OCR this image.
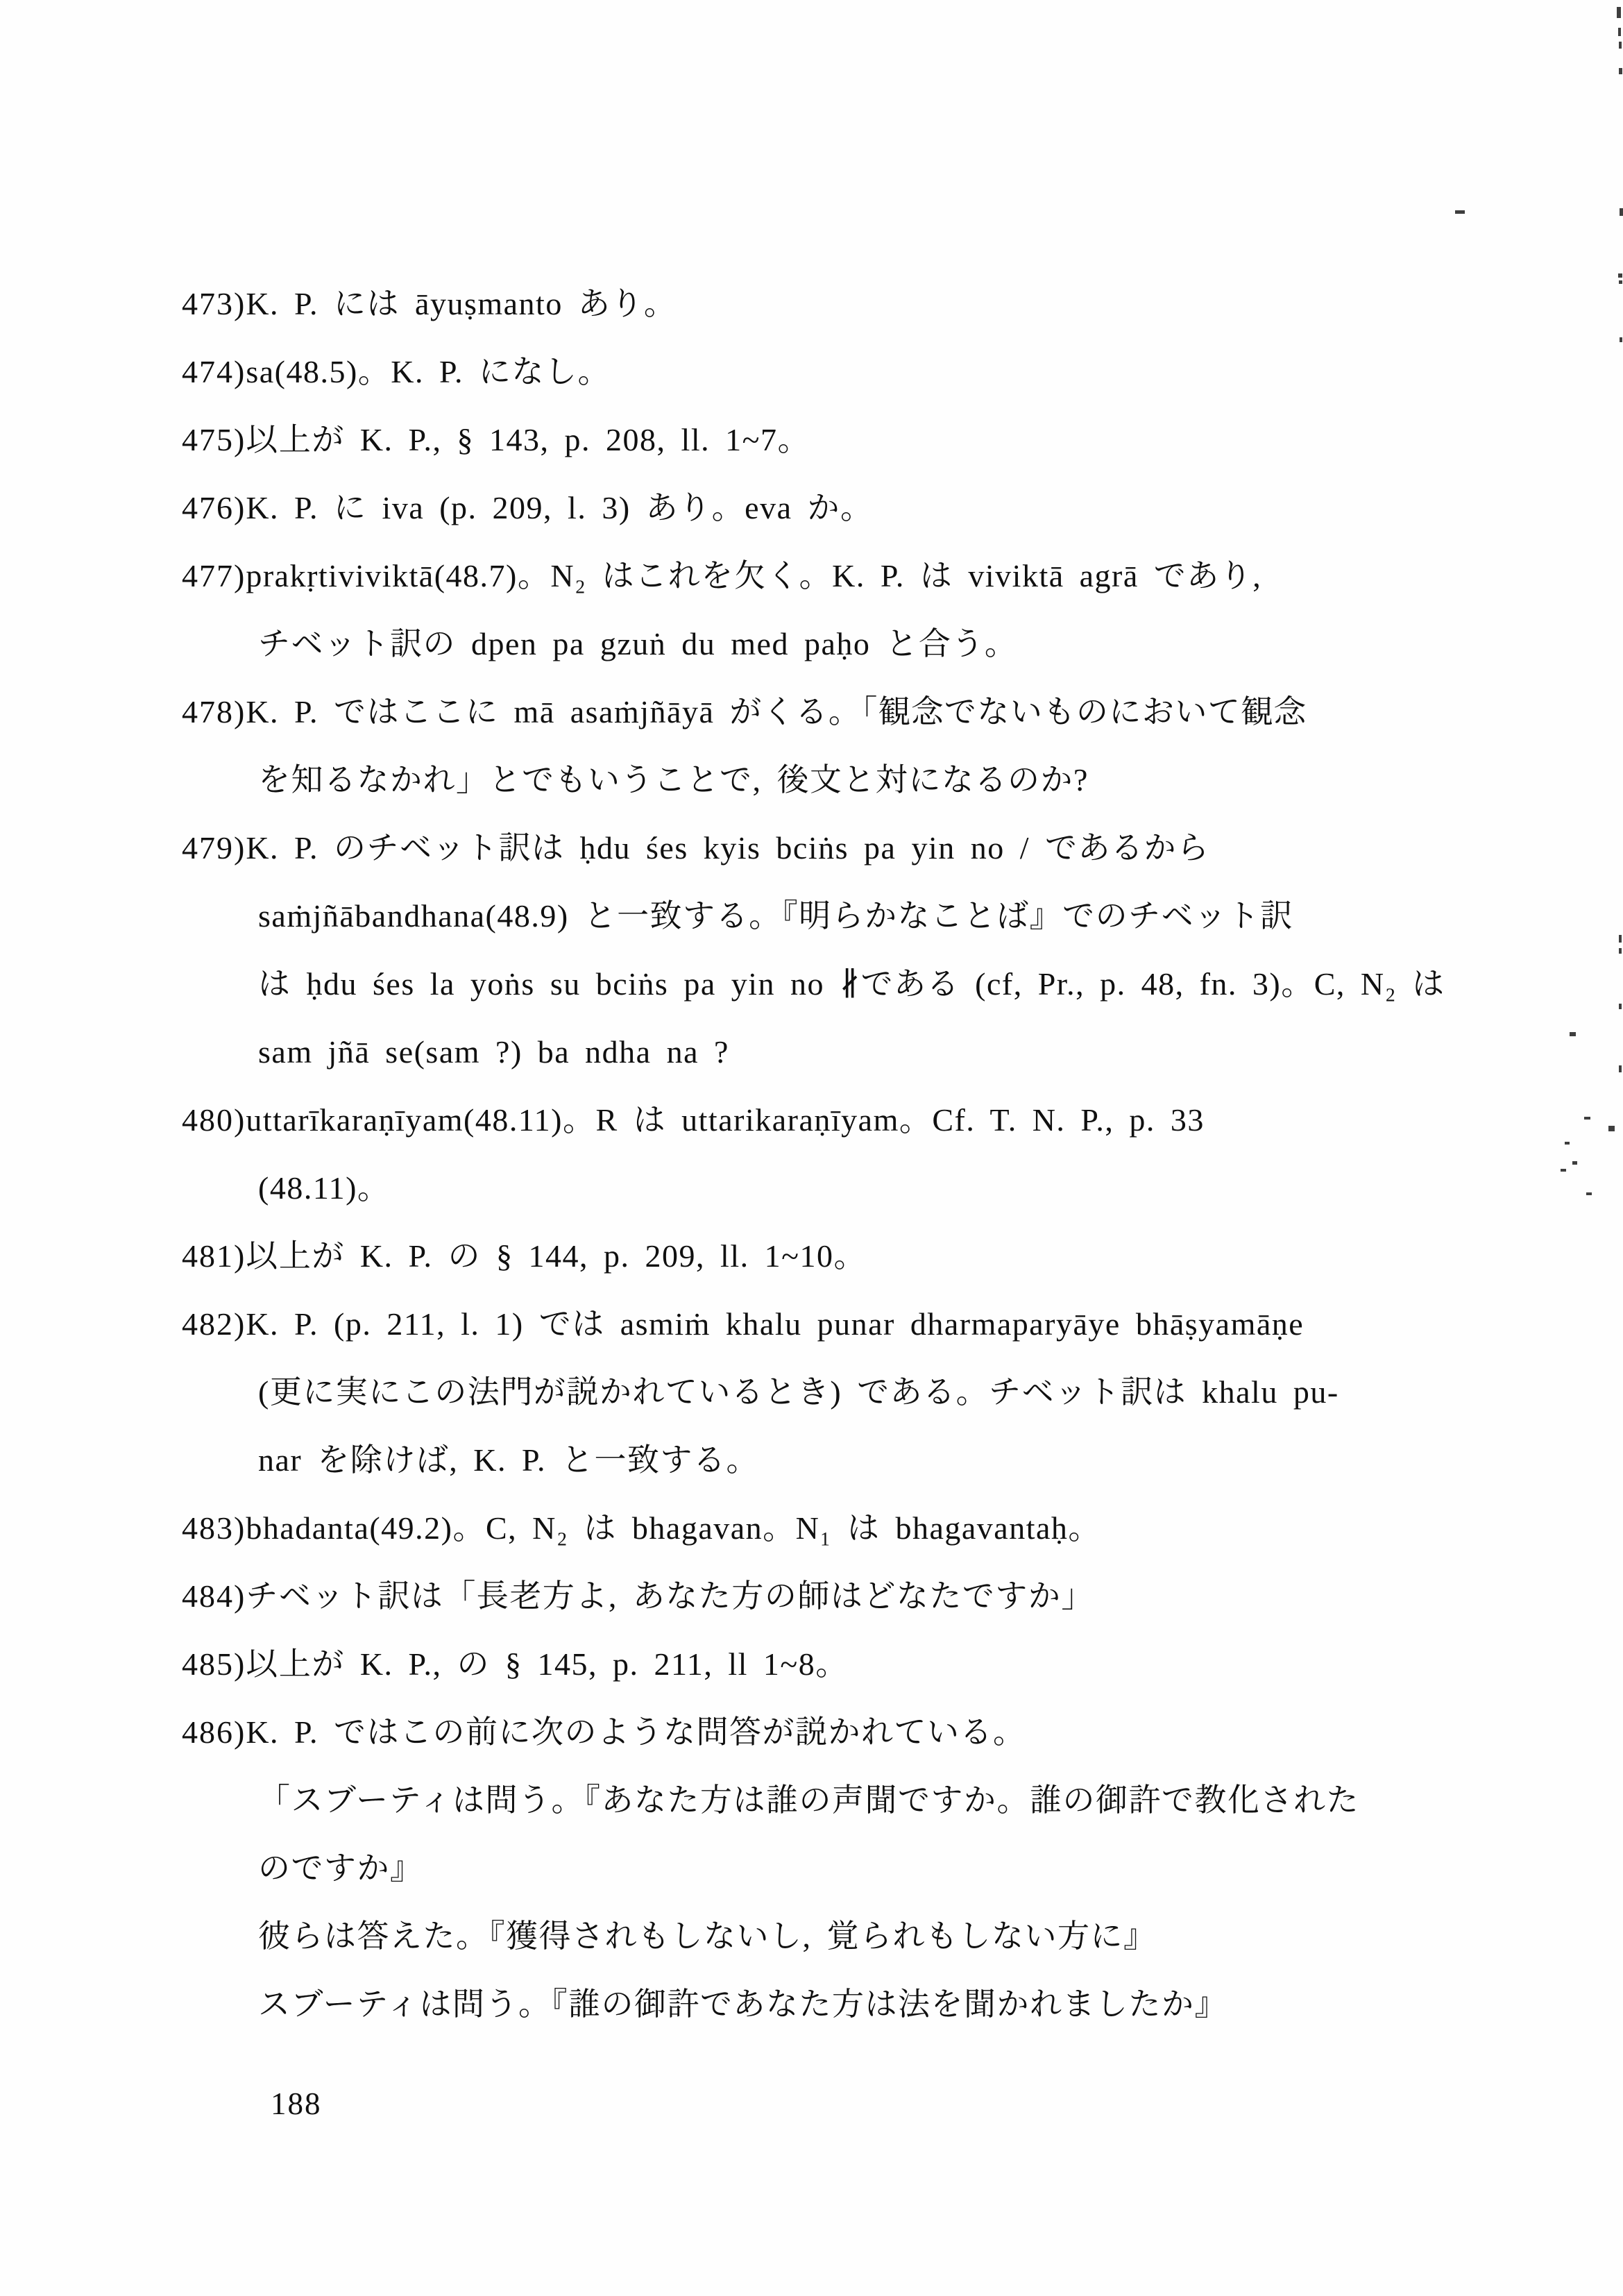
473)K. P. には āyuṣmanto あり。
474)sa(48.5)。K. P. になし。
475)以上が K. P., § 143, p. 208, ll. 1~7。
476)K. P. に iva (p. 209, l. 3) あり。eva か。
477)prakṛtiviviktā(48.7)。N₂ はこれを欠く。K. P. は viviktā agrā であり,
チベット訳の dpen pa gzuṅ du med paḥo と合う。
478)K. P. ではここに mā asaṁjñāyā がくる。「観念でないものにおいて観念
を知るなかれ」とでもいうことで, 後文と対になるのか?
479)K. P. のチベット訳は ḥdu śes kyis bciṅs pa yin no / であるから
saṁjñābandhana(48.9) と一致する。『明らかなことば』でのチベット訳
は ḥdu śes la yoṅs su bciṅs pa yin no ∦である (cf, Pr., p. 48, fn. 3)。C, N₂ は
sam jñā se(sam ?) ba ndha na ?
480)uttarīkaraṇīyam(48.11)。R は uttarikaraṇīyam。Cf. T. N. P., p. 33
(48.11)。
481)以上が K. P. の § 144, p. 209, ll. 1~10。
482)K. P. (p. 211, l. 1) では asmiṁ khalu punar dharmaparyāye bhāṣyamāṇe
(更に実にこの法門が説かれているとき) である。チベット訳は khalu pu-
nar を除けば, K. P. と一致する。
483)bhadanta(49.2)。C, N₂ は bhagavan。N₁ は bhagavantaḥ。
484)チベット訳は「長老方よ, あなた方の師はどなたですか」
485)以上が K. P., の § 145, p. 211, ll 1~8。
486)K. P. ではこの前に次のような問答が説かれている。
「スブーティは問う。『あなた方は誰の声聞ですか。誰の御許で教化された
のですか』
彼らは答えた。『獲得されもしないし, 覚られもしない方に』
スブーティは問う。『誰の御許であなた方は法を聞かれましたか』
188
